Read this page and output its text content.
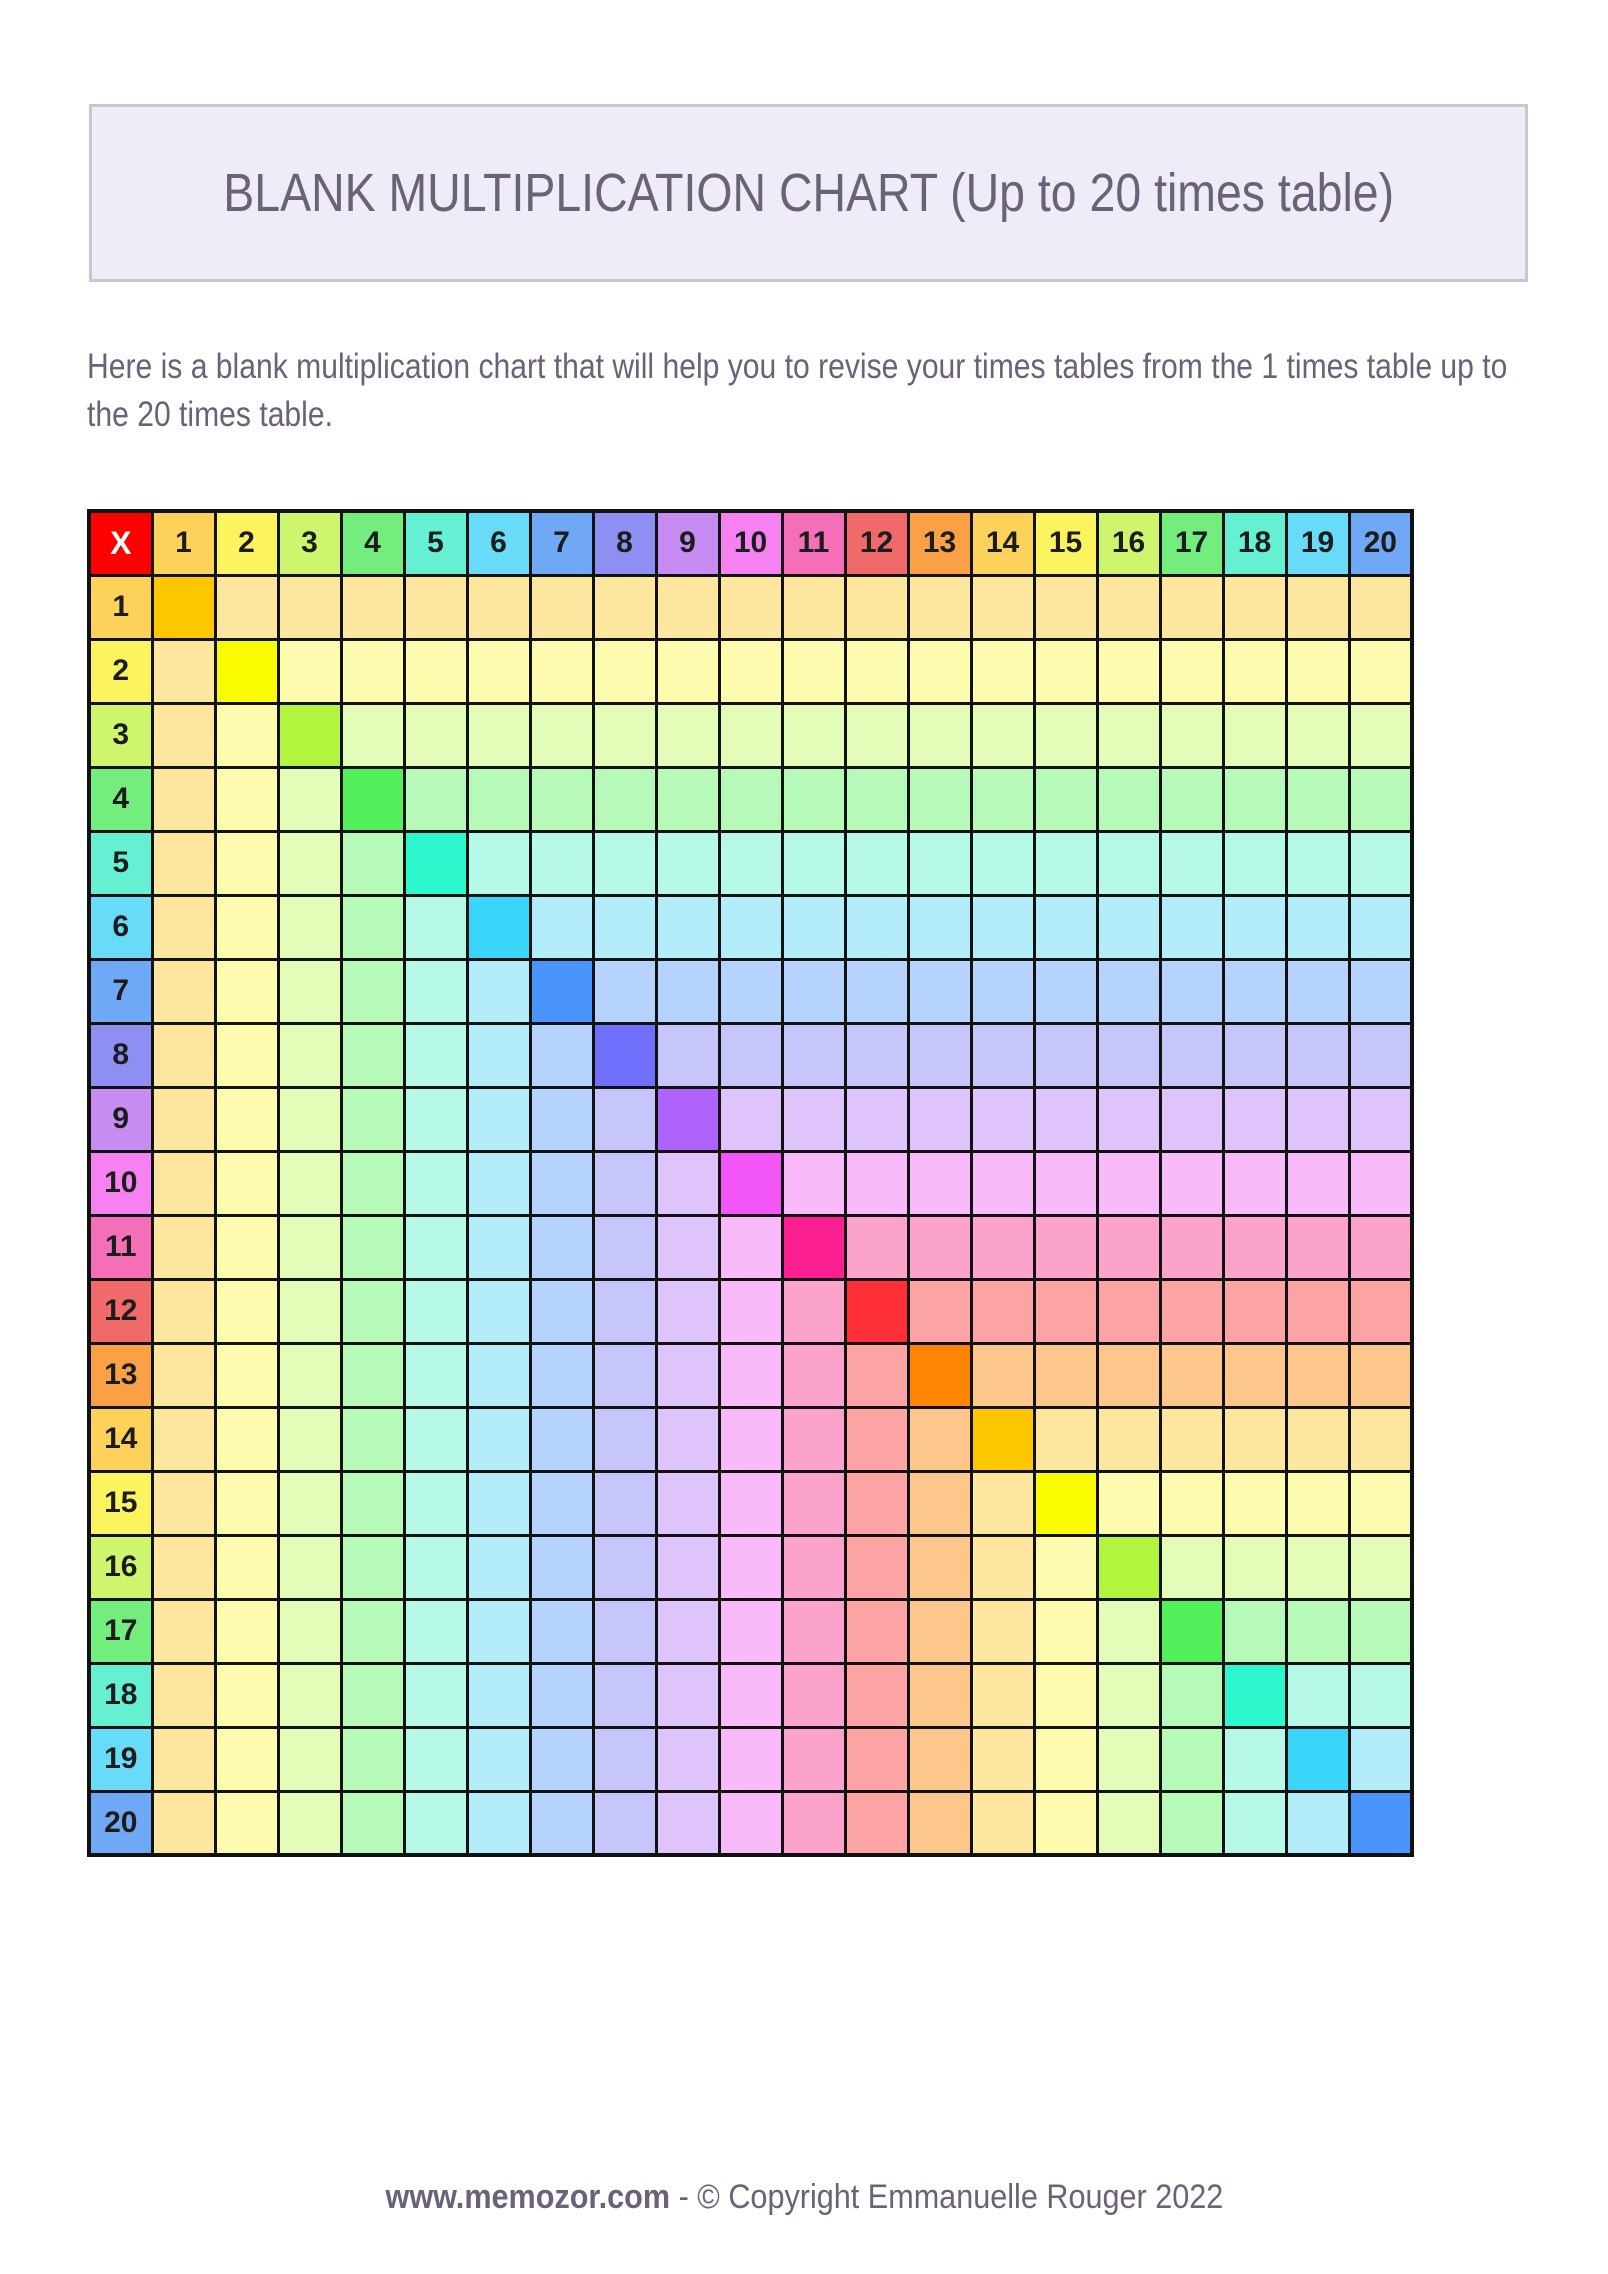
BLANK MULTIPLICATION CHART (Up to 20 times table)

Here is a blank multiplication chart that will help you to revise your times tables from the 1 times table up to the 20 times table.

X	1	2	3	4	5	6	7	8	9	10	11	12	13	14	15	16	17	18	19	20
1																				
2																				
3																				
4																				
5																				
6																				
7																				
8																				
9																				
10																				
11																				
12																				
13																				
14																				
15																				
16																				
17																				
18																				
19																				
20																				
www.memozor.com - © Copyright Emmanuelle Rouger 2022
